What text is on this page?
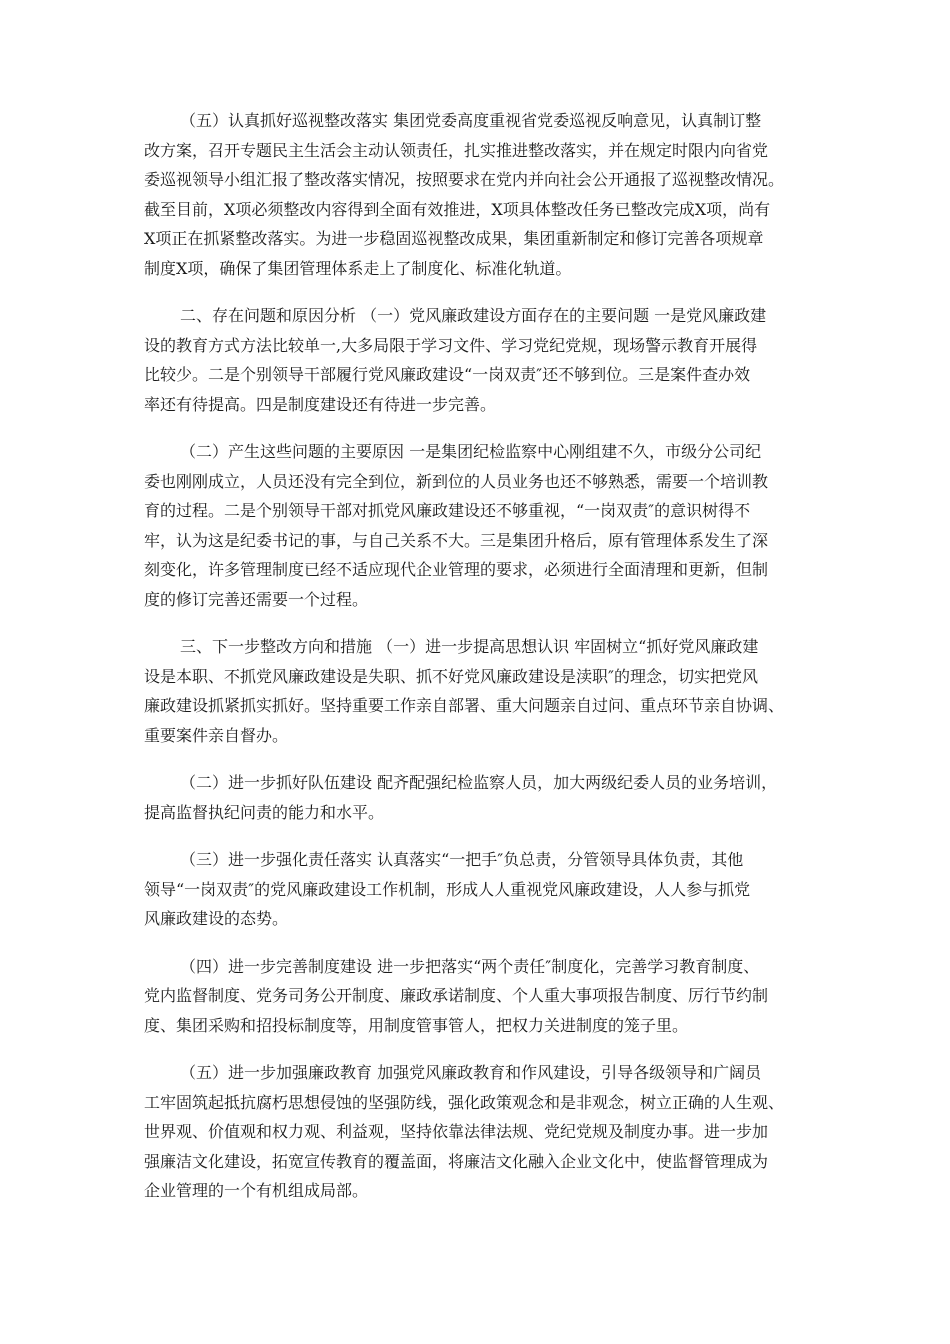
（五）认真抓好巡视整改落实 集团党委高度重视省党委巡视反响意见，认真制订整
改方案，召开专题民主生活会主动认领责任，扎实推进整改落实，并在规定时限内向省党
委巡视领导小组汇报了整改落实情况，按照要求在党内并向社会公开通报了巡视整改情况。
截至目前，X项必须整改内容得到全面有效推进，X项具体整改任务已整改完成X项，尚有
X项正在抓紧整改落实。为进一步稳固巡视整改成果，集团重新制定和修订完善各项规章
制度X项，确保了集团管理体系走上了制度化、标准化轨道。
二、存在问题和原因分析 （一）党风廉政建设方面存在的主要问题 一是党风廉政建
设的教育方式方法比较单一,大多局限于学习文件、学习党纪党规，现场警示教育开展得
比较少。二是个别领导干部履行党风廉政建设“一岗双责″还不够到位。三是案件查办效
率还有待提高。四是制度建设还有待进一步完善。
（二）产生这些问题的主要原因 一是集团纪检监察中心刚组建不久，市级分公司纪
委也刚刚成立，人员还没有完全到位，新到位的人员业务也还不够熟悉，需要一个培训教
育的过程。二是个别领导干部对抓党风廉政建设还不够重视，“一岗双责″的意识树得不
牢，认为这是纪委书记的事，与自己关系不大。三是集团升格后，原有管理体系发生了深
刻变化，许多管理制度已经不适应现代企业管理的要求，必须进行全面清理和更新，但制
度的修订完善还需要一个过程。
三、下一步整改方向和措施 （一）进一步提高思想认识 牢固树立“抓好党风廉政建
设是本职、不抓党风廉政建设是失职、抓不好党风廉政建设是渎职″的理念，切实把党风
廉政建设抓紧抓实抓好。坚持重要工作亲自部署、重大问题亲自过问、重点环节亲自协调、
重要案件亲自督办。
（二）进一步抓好队伍建设 配齐配强纪检监察人员，加大两级纪委人员的业务培训，
提高监督执纪问责的能力和水平。
（三）进一步强化责任落实 认真落实“一把手″负总责，分管领导具体负责，其他
领导“一岗双责″的党风廉政建设工作机制，形成人人重视党风廉政建设，人人参与抓党
风廉政建设的态势。
（四）进一步完善制度建设 进一步把落实“两个责任″制度化，完善学习教育制度、
党内监督制度、党务司务公开制度、廉政承诺制度、个人重大事项报告制度、厉行节约制
度、集团采购和招投标制度等，用制度管事管人，把权力关进制度的笼子里。
（五）进一步加强廉政教育 加强党风廉政教育和作风建设，引导各级领导和广阔员
工牢固筑起抵抗腐朽思想侵蚀的坚强防线，强化政策观念和是非观念，树立正确的人生观、
世界观、价值观和权力观、利益观，坚持依靠法律法规、党纪党规及制度办事。进一步加
强廉洁文化建设，拓宽宣传教育的覆盖面，将廉洁文化融入企业文化中，使监督管理成为
企业管理的一个有机组成局部。
